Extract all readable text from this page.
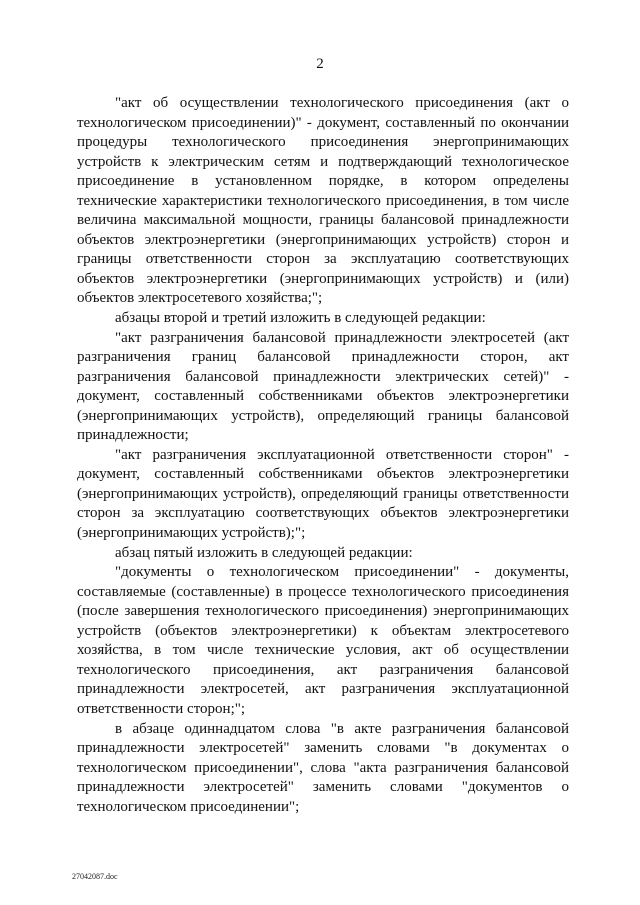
2

"акт об осуществлении технологического присоединения (акт о технологическом присоединении)" - документ, составленный по окончании процедуры технологического присоединения энергопринимающих устройств к электрическим сетям и подтверждающий технологическое присоединение в установленном порядке, в котором определены технические характеристики технологического присоединения, в том числе величина максимальной мощности, границы балансовой принадлежности объектов электроэнергетики (энергопринимающих устройств) сторон и границы ответственности сторон за эксплуатацию соответствующих объектов электроэнергетики (энергопринимающих устройств) и (или) объектов электросетевого хозяйства;";

абзацы второй и третий изложить в следующей редакции:

"акт разграничения балансовой принадлежности электросетей (акт разграничения границ балансовой принадлежности сторон, акт разграничения балансовой принадлежности электрических сетей)" - документ, составленный собственниками объектов электроэнергетики (энергопринимающих устройств), определяющий границы балансовой принадлежности;

"акт разграничения эксплуатационной ответственности сторон" - документ, составленный собственниками объектов электроэнергетики (энергопринимающих устройств), определяющий границы ответственности сторон за эксплуатацию соответствующих объектов электроэнергетики (энергопринимающих устройств);";

абзац пятый изложить в следующей редакции:

"документы о технологическом присоединении" - документы, составляемые (составленные) в процессе технологического присоединения (после завершения технологического присоединения) энергопринимающих устройств (объектов электроэнергетики) к объектам электросетевого хозяйства, в том числе технические условия, акт об осуществлении технологического присоединения, акт разграничения балансовой принадлежности электросетей, акт разграничения эксплуатационной ответственности сторон;";

в абзаце одиннадцатом слова "в акте разграничения балансовой принадлежности электросетей" заменить словами "в документах о технологическом присоединении", слова "акта разграничения балансовой принадлежности электросетей" заменить словами "документов о технологическом присоединении";

27042087.doc
